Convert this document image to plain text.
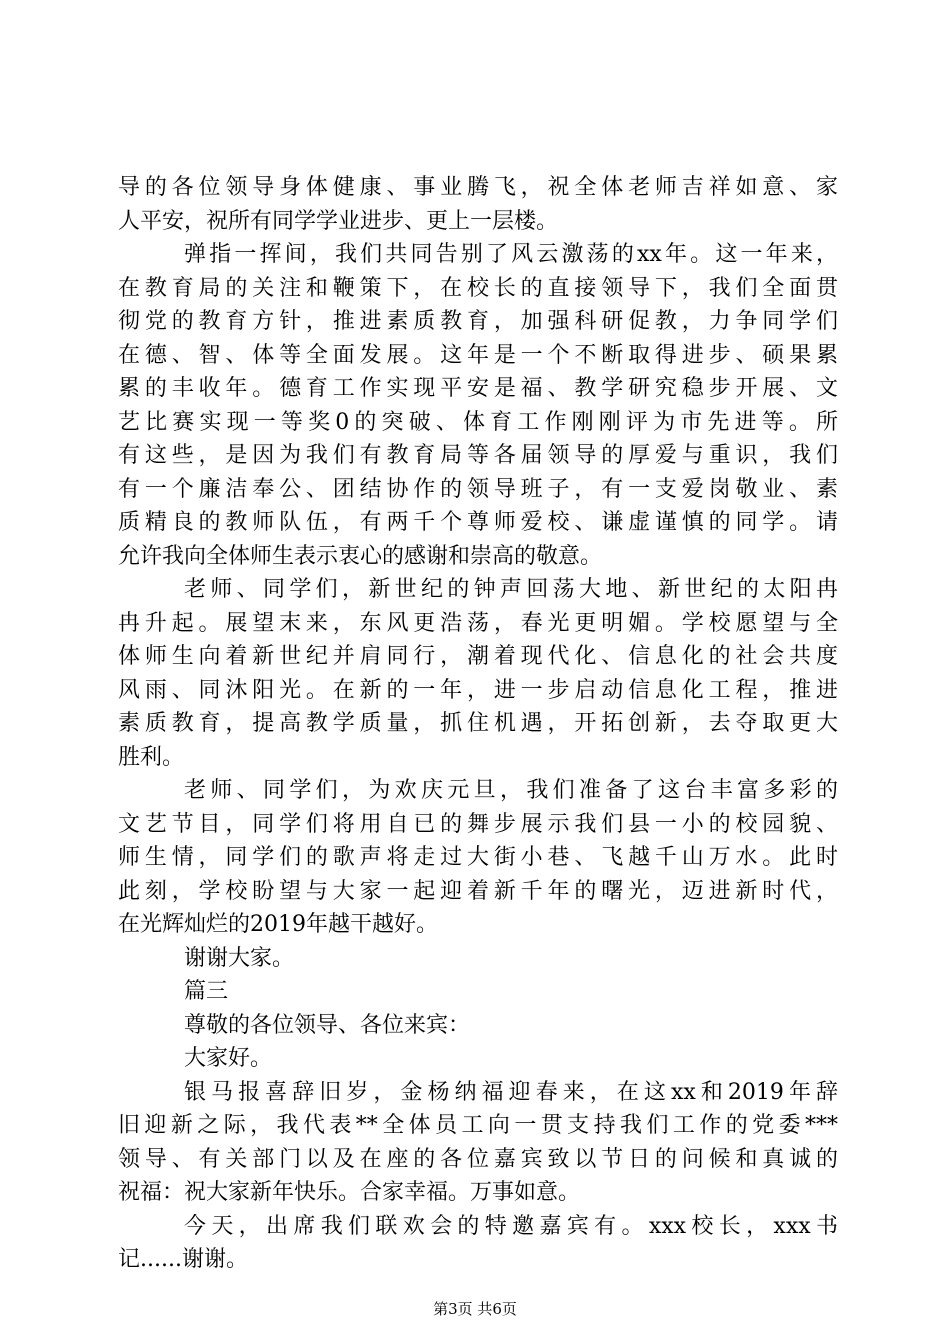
导的各位领导身体健康、事业腾飞，祝全体老师吉祥如意、家
人平安，祝所有同学学业进步、更上一层楼。
弹指一挥间，我们共同告别了风云激荡的xx年。这一年来，
在教育局的关注和鞭策下，在校长的直接领导下，我们全面贯
彻党的教育方针，推进素质教育，加强科研促教，力争同学们
在德、智、体等全面发展。这年是一个不断取得进步、硕果累
累的丰收年。德育工作实现平安是福、教学研究稳步开展、文
艺比赛实现一等奖0的突破、体育工作刚刚评为市先进等。所
有这些，是因为我们有教育局等各届领导的厚爱与重识，我们
有一个廉洁奉公、团结协作的领导班子，有一支爱岗敬业、素
质精良的教师队伍，有两千个尊师爱校、谦虚谨慎的同学。请
允许我向全体师生表示衷心的感谢和崇高的敬意。
老师、同学们，新世纪的钟声回荡大地、新世纪的太阳冉
冉升起。展望末来，东风更浩荡，春光更明媚。学校愿望与全
体师生向着新世纪并肩同行，潮着现代化、信息化的社会共度
风雨、同沐阳光。在新的一年，进一步启动信息化工程，推进
素质教育，提高教学质量，抓住机遇，开拓创新，去夺取更大
胜利。
老师、同学们，为欢庆元旦，我们准备了这台丰富多彩的
文艺节目，同学们将用自已的舞步展示我们县一小的校园貌、
师生情，同学们的歌声将走过大街小巷、飞越千山万水。此时
此刻，学校盼望与大家一起迎着新千年的曙光，迈进新时代，
在光辉灿烂的2019年越干越好。
谢谢大家。
篇三
尊敬的各位领导、各位来宾：
大家好。
银马报喜辞旧岁，金杨纳福迎春来，在这xx和2019年辞
旧迎新之际，我代表**全体员工向一贯支持我们工作的党委***
领导、有关部门以及在座的各位嘉宾致以节日的问候和真诚的
祝福：祝大家新年快乐。合家幸福。万事如意。
今天，出席我们联欢会的特邀嘉宾有。xxx校长，xxx书
记......谢谢。
第3页 共6页
